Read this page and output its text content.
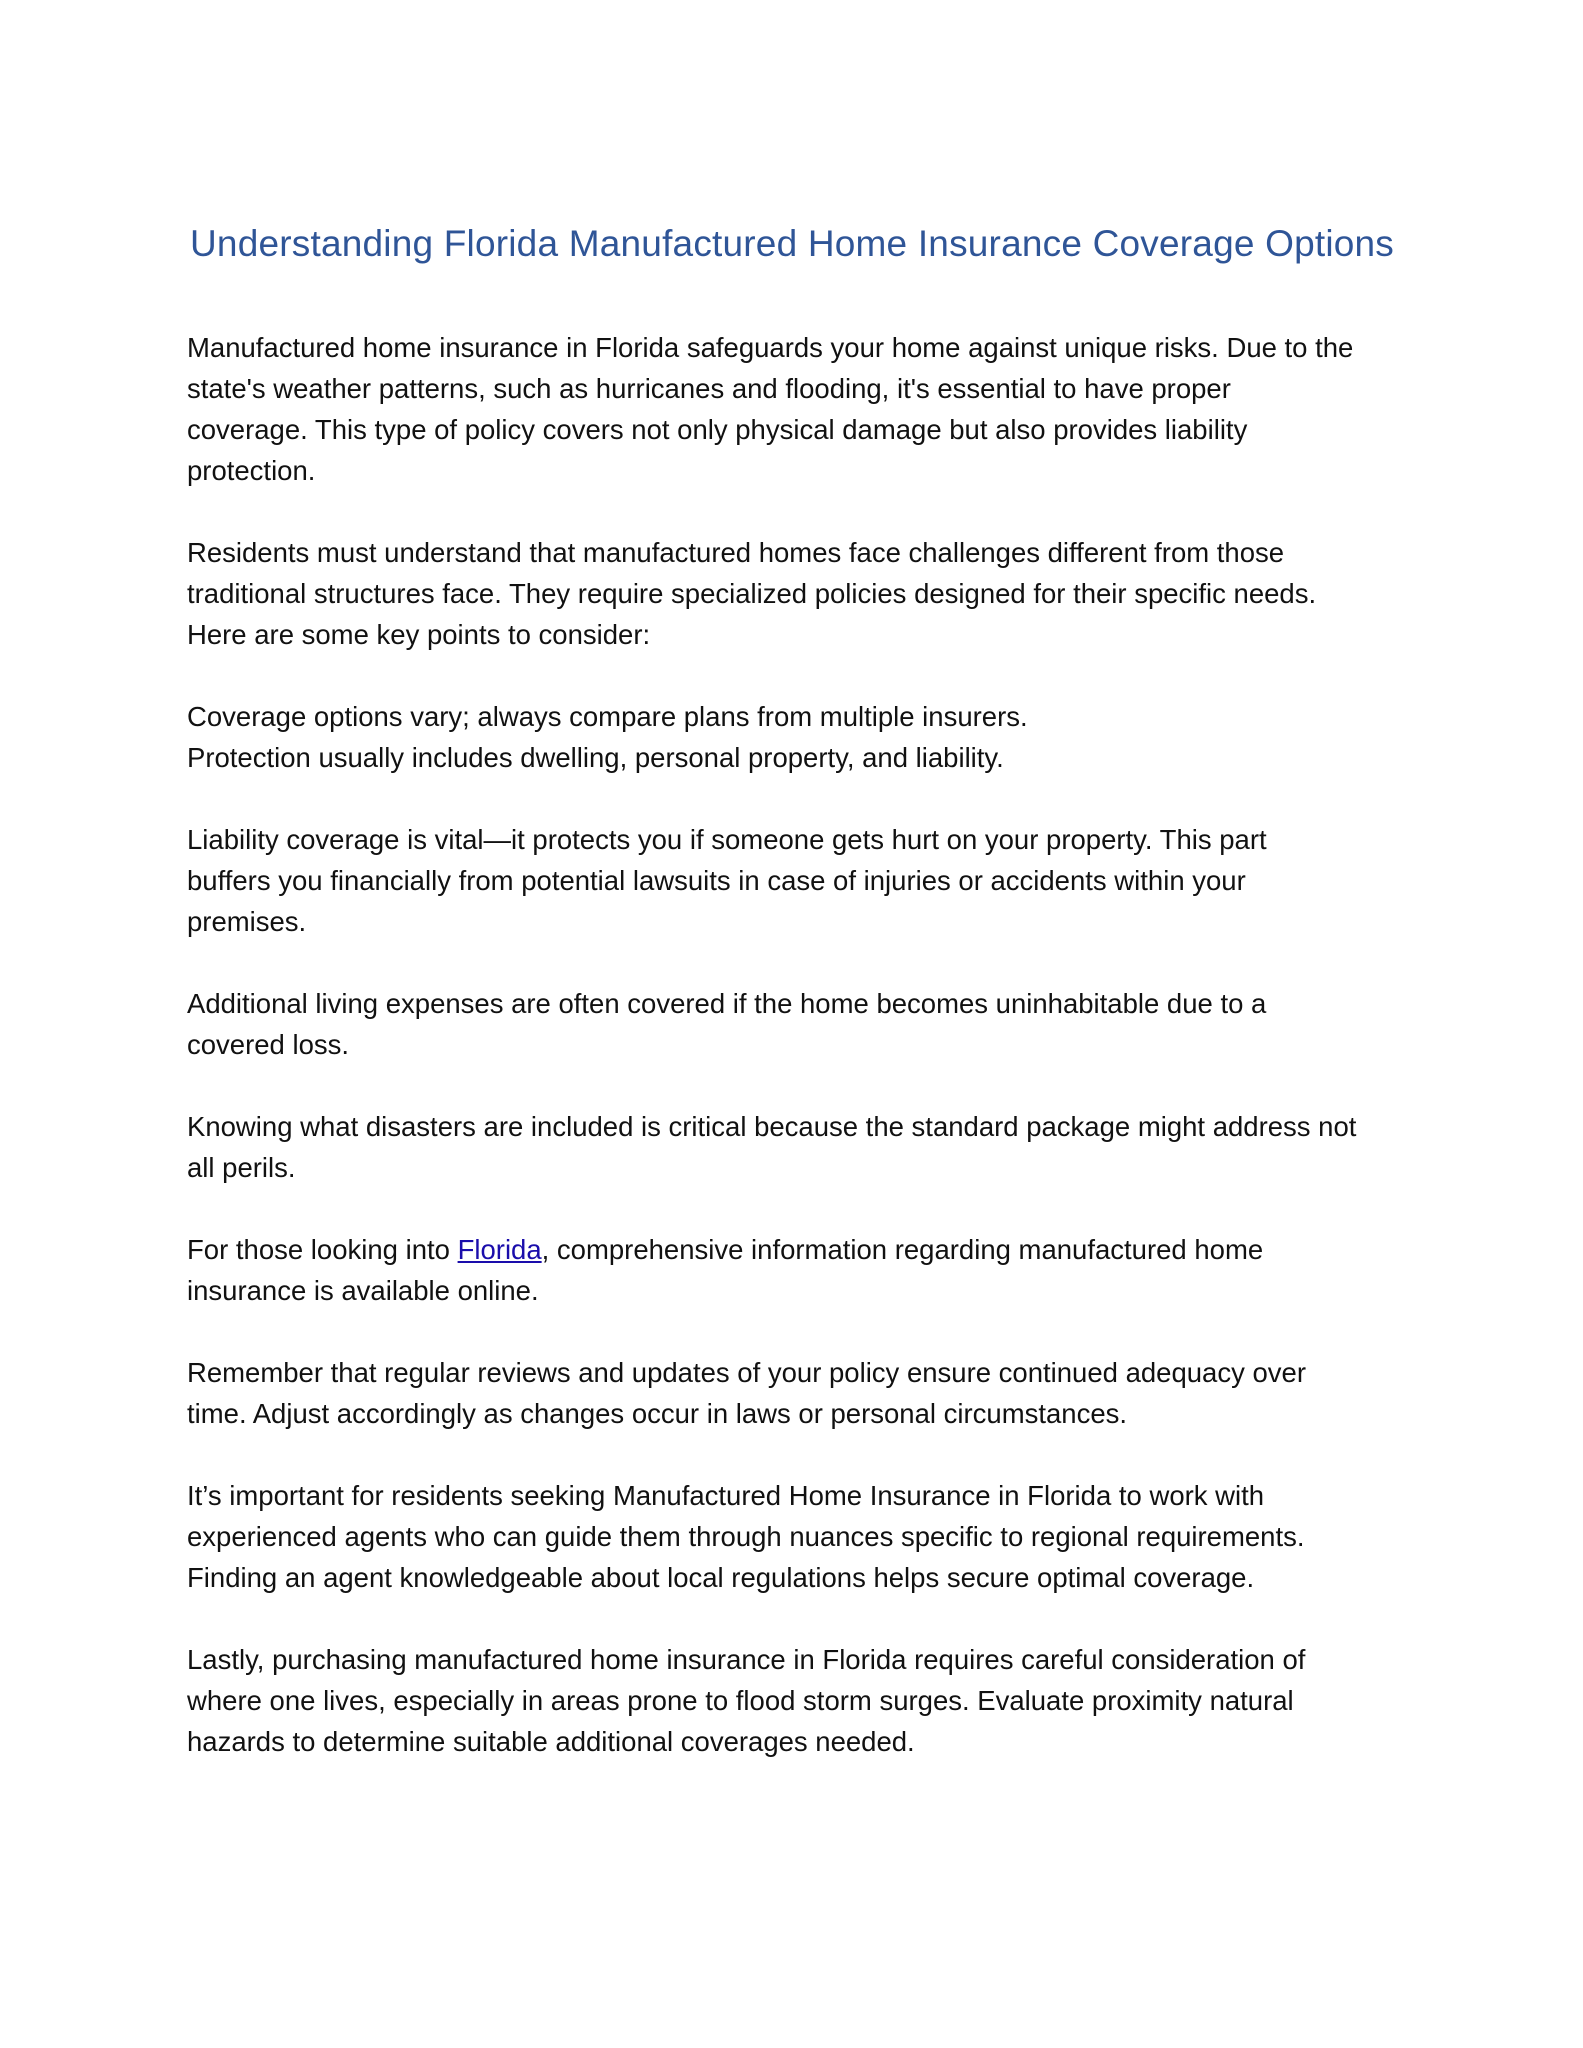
Understanding Florida Manufactured Home Insurance Coverage Options

Manufactured home insurance in Florida safeguards your home against unique risks. Due to the
state's weather patterns, such as hurricanes and flooding, it's essential to have proper
coverage. This type of policy covers not only physical damage but also provides liability
protection.

Residents must understand that manufactured homes face challenges different from those
traditional structures face. They require specialized policies designed for their specific needs.
Here are some key points to consider:

Coverage options vary; always compare plans from multiple insurers.
Protection usually includes dwelling, personal property, and liability.

Liability coverage is vital—it protects you if someone gets hurt on your property. This part
buffers you financially from potential lawsuits in case of injuries or accidents within your
premises.

Additional living expenses are often covered if the home becomes uninhabitable due to a
covered loss.

Knowing what disasters are included is critical because the standard package might address not
all perils.

For those looking into Florida, comprehensive information regarding manufactured home
insurance is available online.

Remember that regular reviews and updates of your policy ensure continued adequacy over
time. Adjust accordingly as changes occur in laws or personal circumstances.

It’s important for residents seeking Manufactured Home Insurance in Florida to work with
experienced agents who can guide them through nuances specific to regional requirements.
Finding an agent knowledgeable about local regulations helps secure optimal coverage.

Lastly, purchasing manufactured home insurance in Florida requires careful consideration of
where one lives, especially in areas prone to flood storm surges. Evaluate proximity natural
hazards to determine suitable additional coverages needed.
